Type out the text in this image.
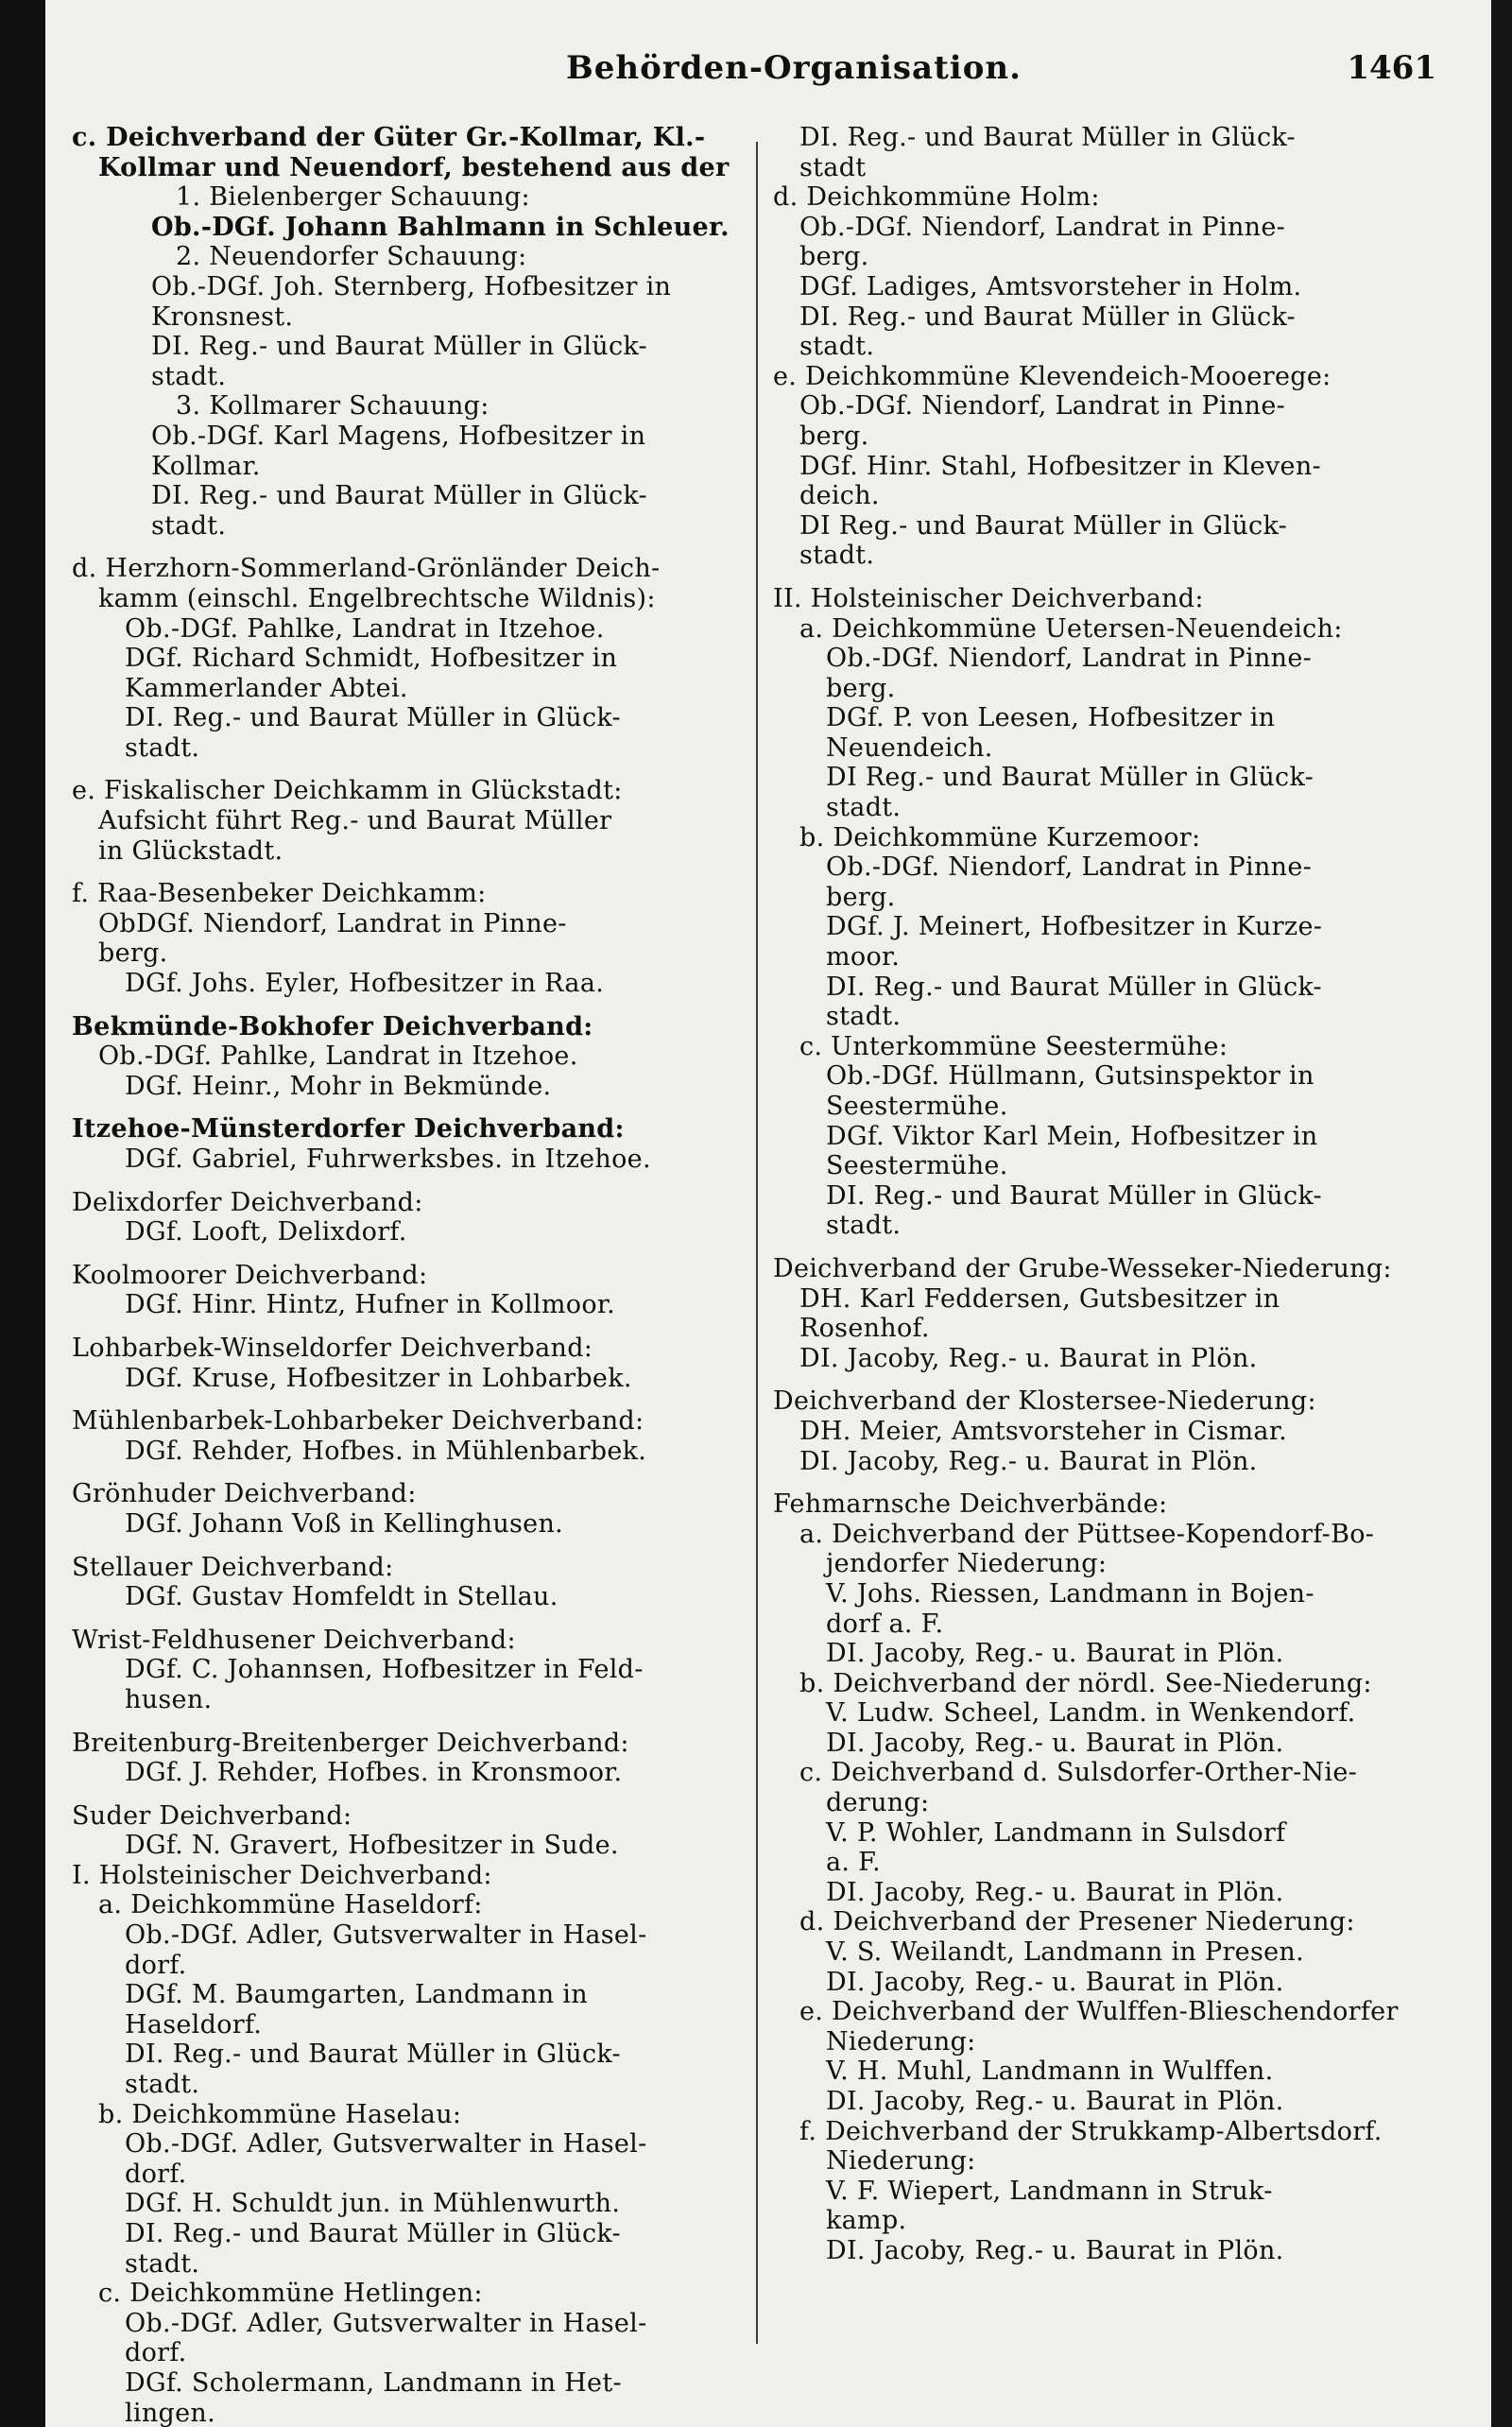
Behörden-Organisation.	1461
c. Deichverband der Güter Gr.-Kollmar, Kl.-
Kollmar und Neuendorf, bestehend aus der
1. Bielenberger Schauung:
Ob.-DGf. Johann Bahlmann in Schleuer.
2. Neuendorfer Schauung:
Ob.-DGf. Joh. Sternberg, Hofbesitzer in
Kronsnest.
DI. Reg.- und Baurat Müller in Glück-
stadt.
3. Kollmarer Schauung:
Ob.-DGf. Karl Magens, Hofbesitzer in
Kollmar.
DI. Reg.- und Baurat Müller in Glück-
stadt.
d. Herzhorn-Sommerland-Grönländer Deich-
kamm (einschl. Engelbrechtsche Wildnis):
Ob.-DGf. Pahlke, Landrat in Itzehoe.
DGf. Richard Schmidt, Hofbesitzer in
Kammerlander Abtei.
DI. Reg.- und Baurat Müller in Glück-
stadt.
e. Fiskalischer Deichkamm in Glückstadt:
Aufsicht führt Reg.- und Baurat Müller
in Glückstadt.
f. Raa-Besenbeker Deichkamm:
ObDGf. Niendorf, Landrat in Pinne-
berg.
DGf. Johs. Eyler, Hofbesitzer in Raa.
Bekmünde-Bokhofer Deichverband:
Ob.-DGf. Pahlke, Landrat in Itzehoe.
DGf. Heinr., Mohr in Bekmünde.
Itzehoe-Münsterdorfer Deichverband:
DGf. Gabriel, Fuhrwerksbes. in Itzehoe.
Delixdorfer Deichverband:
DGf. Looft, Delixdorf.
Koolmoorer Deichverband:
DGf. Hinr. Hintz, Hufner in Kollmoor.
Lohbarbek-Winseldorfer Deichverband:
DGf. Kruse, Hofbesitzer in Lohbarbek.
Mühlenbarbek-Lohbarbeker Deichverband:
DGf. Rehder, Hofbes. in Mühlenbarbek.
Grönhuder Deichverband:
DGf. Johann Voß in Kellinghusen.
Stellauer Deichverband:
DGf. Gustav Homfeldt in Stellau.
Wrist-Feldhusener Deichverband:
DGf. C. Johannsen, Hofbesitzer in Feld-
husen.
Breitenburg-Breitenberger Deichverband:
DGf. J. Rehder, Hofbes. in Kronsmoor.
Suder Deichverband:
DGf. N. Gravert, Hofbesitzer in Sude.
I. Holsteinischer Deichverband:
a. Deichkommüne Haseldorf:
Ob.-DGf. Adler, Gutsverwalter in Hasel-
dorf.
DGf. M. Baumgarten, Landmann in
Haseldorf.
DI. Reg.- und Baurat Müller in Glück-
stadt.
b. Deichkommüne Haselau:
Ob.-DGf. Adler, Gutsverwalter in Hasel-
dorf.
DGf. H. Schuldt jun. in Mühlenwurth.
DI. Reg.- und Baurat Müller in Glück-
stadt.
c. Deichkommüne Hetlingen:
Ob.-DGf. Adler, Gutsverwalter in Hasel-
dorf.
DGf. Scholermann, Landmann in Het-
lingen.
DI. Reg.- und Baurat Müller in Glück-
stadt
d. Deichkommüne Holm:
Ob.-DGf. Niendorf, Landrat in Pinne-
berg.
DGf. Ladiges, Amtsvorsteher in Holm.
DI. Reg.- und Baurat Müller in Glück-
stadt.
e. Deichkommüne Klevendeich-Mooerege:
Ob.-DGf. Niendorf, Landrat in Pinne-
berg.
DGf. Hinr. Stahl, Hofbesitzer in Kleven-
deich.
DI Reg.- und Baurat Müller in Glück-
stadt.
II. Holsteinischer Deichverband:
a. Deichkommüne Uetersen-Neuendeich:
Ob.-DGf. Niendorf, Landrat in Pinne-
berg.
DGf. P. von Leesen, Hofbesitzer in
Neuendeich.
DI Reg.- und Baurat Müller in Glück-
stadt.
b. Deichkommüne Kurzemoor:
Ob.-DGf. Niendorf, Landrat in Pinne-
berg.
DGf. J. Meinert, Hofbesitzer in Kurze-
moor.
DI. Reg.- und Baurat Müller in Glück-
stadt.
c. Unterkommüne Seestermühe:
Ob.-DGf. Hüllmann, Gutsinspektor in
Seestermühe.
DGf. Viktor Karl Mein, Hofbesitzer in
Seestermühe.
DI. Reg.- und Baurat Müller in Glück-
stadt.
Deichverband der Grube-Wesseker-Niederung:
DH. Karl Feddersen, Gutsbesitzer in
Rosenhof.
DI. Jacoby, Reg.- u. Baurat in Plön.
Deichverband der Klostersee-Niederung:
DH. Meier, Amtsvorsteher in Cismar.
DI. Jacoby, Reg.- u. Baurat in Plön.
Fehmarnsche Deichverbände:
a. Deichverband der Püttsee-Kopendorf-Bo-
jendorfer Niederung:
V. Johs. Riessen, Landmann in Bojen-
dorf a. F.
DI. Jacoby, Reg.- u. Baurat in Plön.
b. Deichverband der nördl. See-Niederung:
V. Ludw. Scheel, Landm. in Wenkendorf.
DI. Jacoby, Reg.- u. Baurat in Plön.
c. Deichverband d. Sulsdorfer-Orther-Nie-
derung:
V. P. Wohler, Landmann in Sulsdorf
a. F.
DI. Jacoby, Reg.- u. Baurat in Plön.
d. Deichverband der Presener Niederung:
V. S. Weilandt, Landmann in Presen.
DI. Jacoby, Reg.- u. Baurat in Plön.
e. Deichverband der Wulffen-Blieschendorfer
Niederung:
V. H. Muhl, Landmann in Wulffen.
DI. Jacoby, Reg.- u. Baurat in Plön.
f. Deichverband der Strukkamp-Albertsdorf.
Niederung:
V. F. Wiepert, Landmann in Struk-
kamp.
DI. Jacoby, Reg.- u. Baurat in Plön.
